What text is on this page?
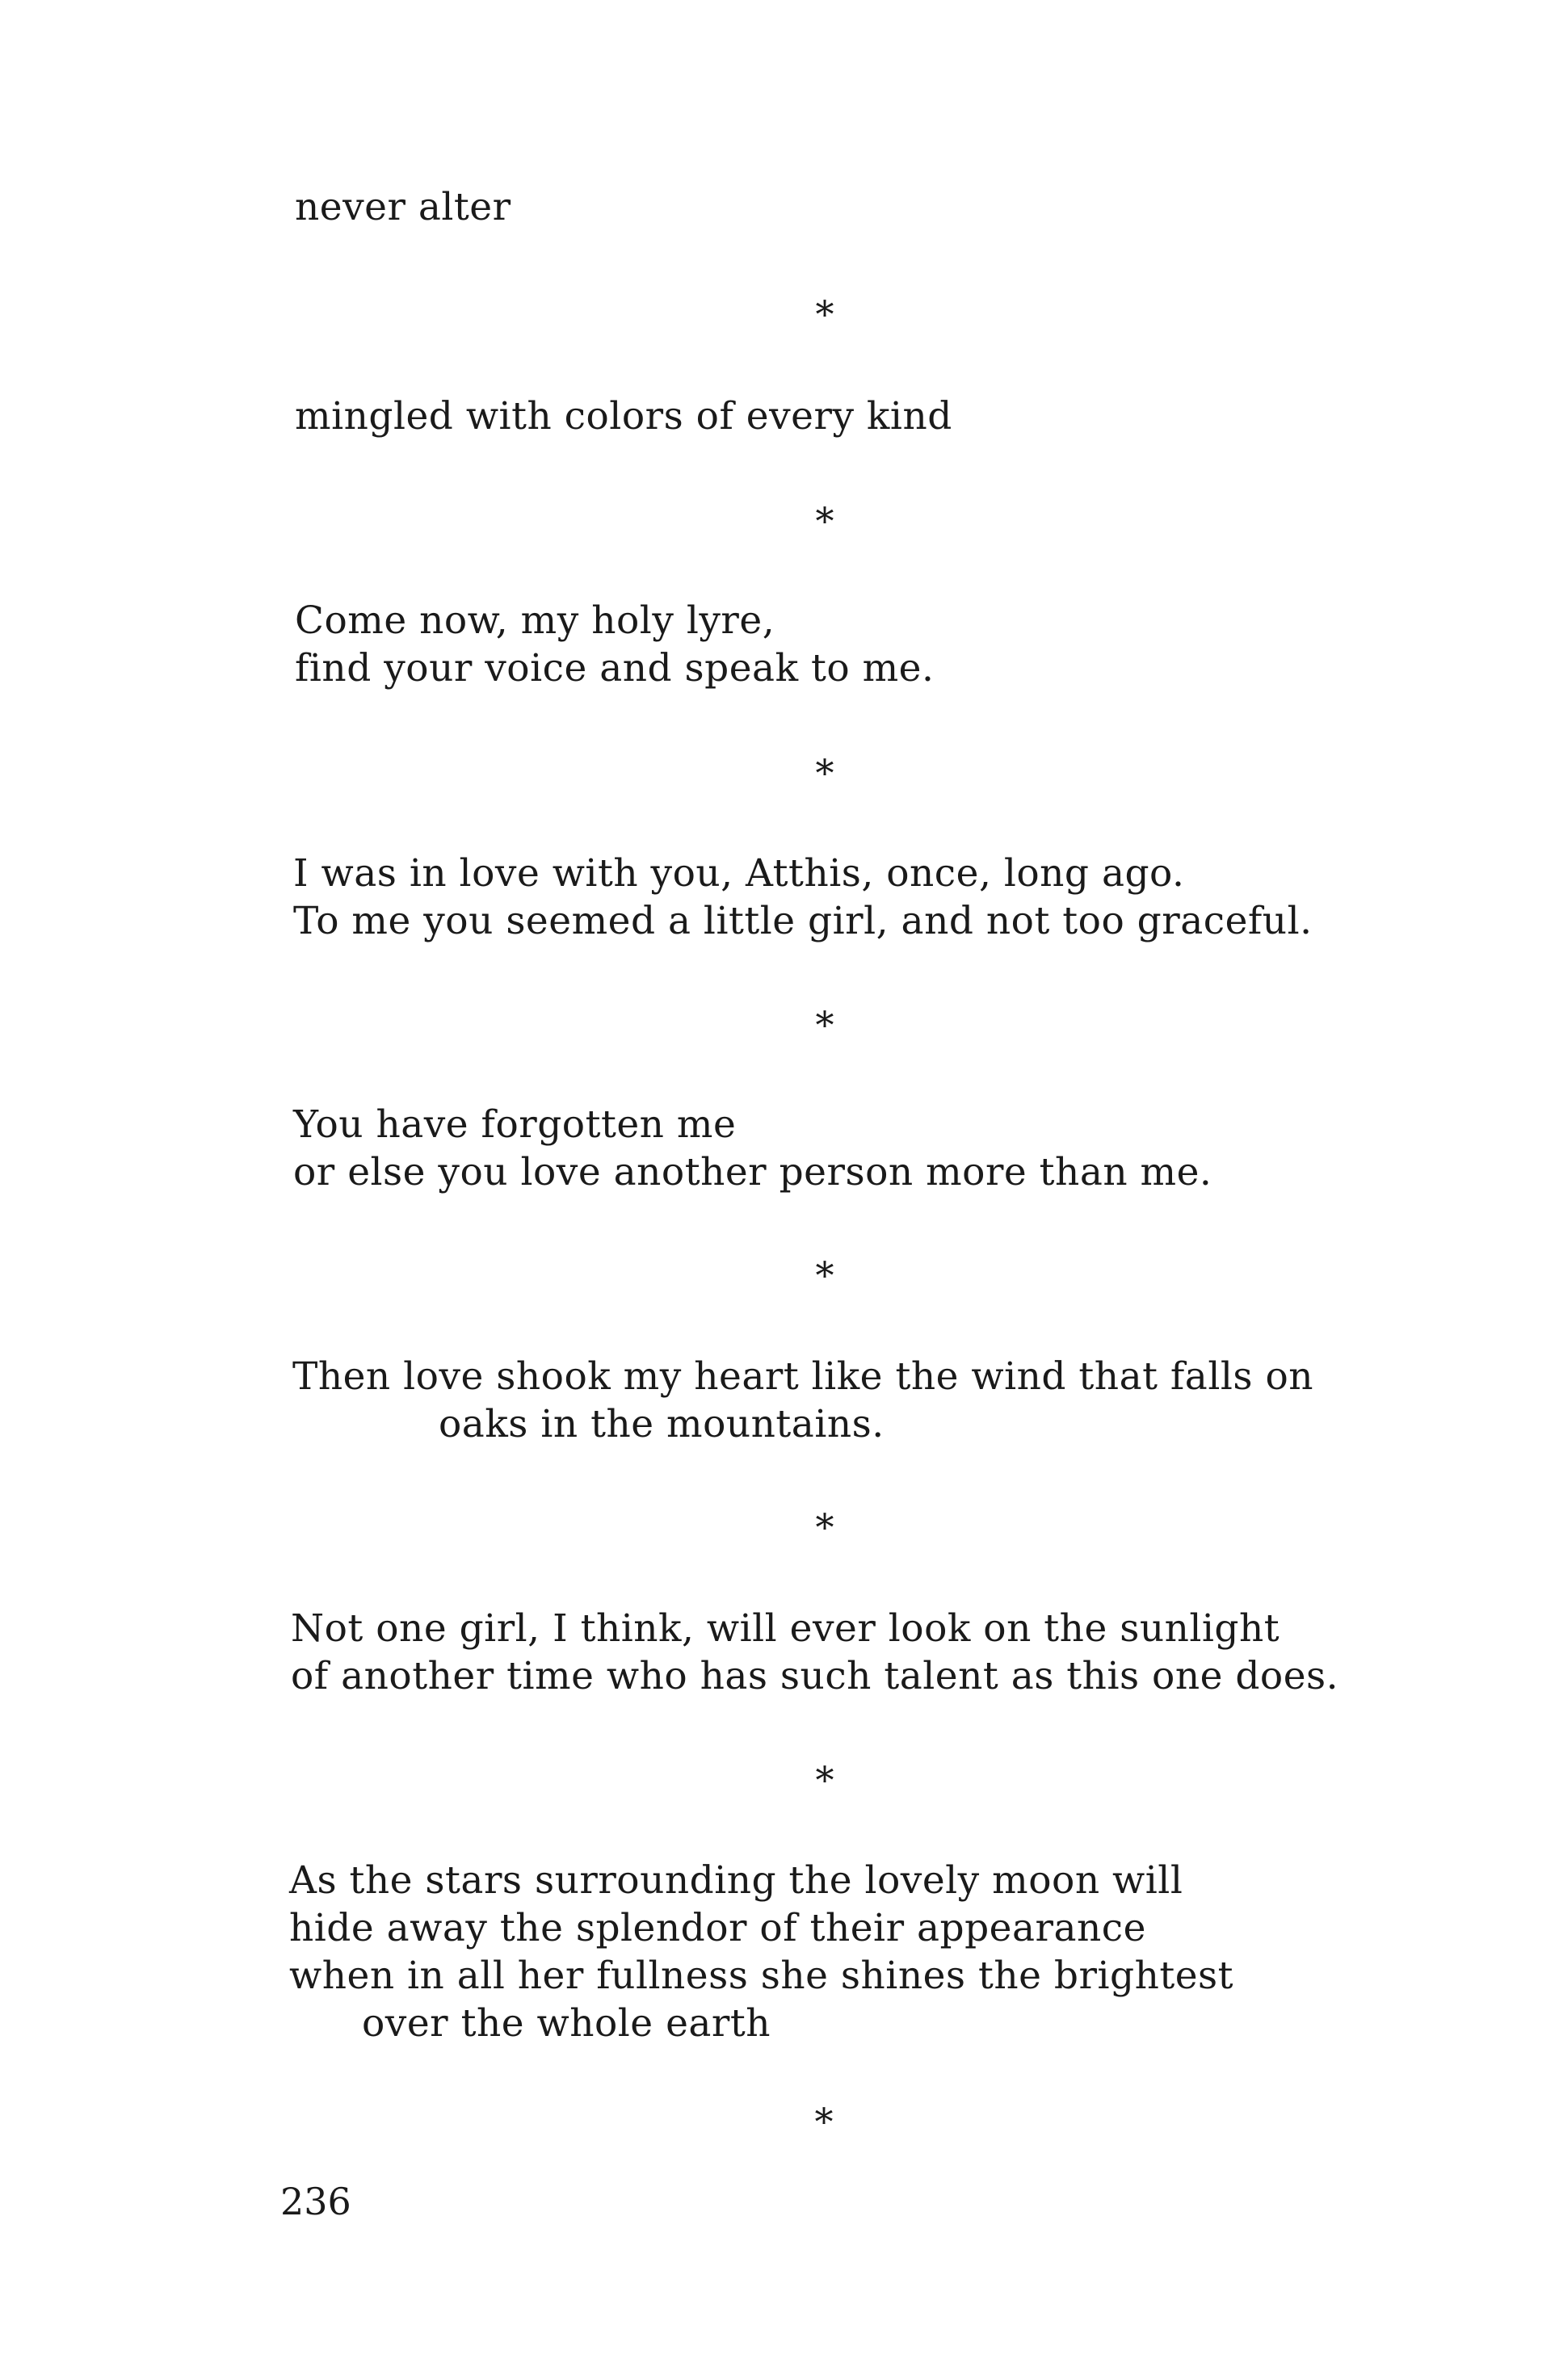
never alter
*
mingled with colors of every kind
*
Come now, my holy lyre,
find your voice and speak to me.
*
I was in love with you, Atthis, once, long ago.
To me you seemed a little girl, and not too graceful.
*
You have forgotten me
or else you love another person more than me.
*
Then love shook my heart like the wind that falls on
oaks in the mountains.
*
Not one girl, I think, will ever look on the sunlight
of another time who has such talent as this one does.
*
As the stars surrounding the lovely moon will
hide away the splendor of their appearance
when in all her fullness she shines the brightest
over the whole earth
*
236
